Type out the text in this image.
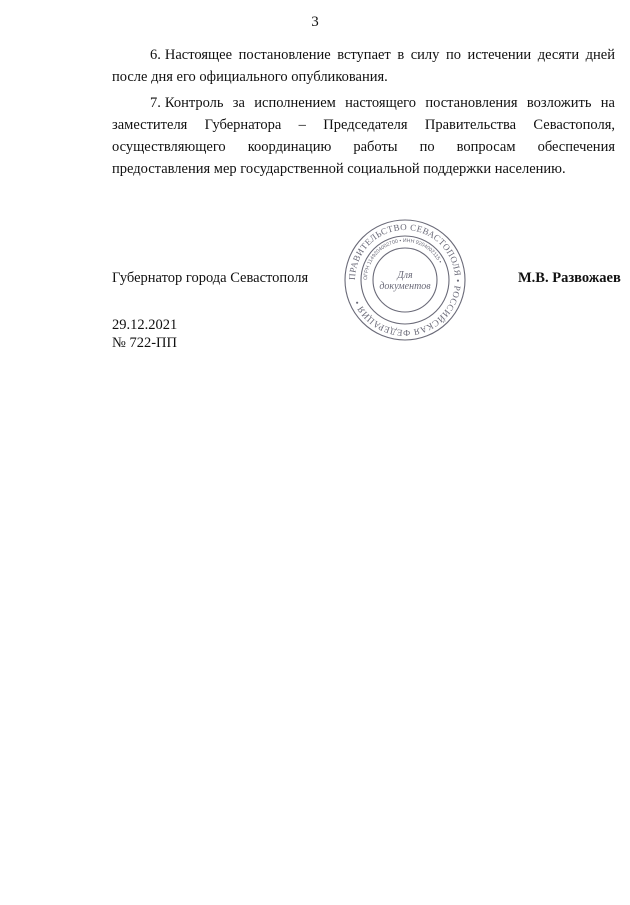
3

6. Настоящее постановление вступает в силу по истечении десяти дней после дня его официального опубликования.

7. Контроль за исполнением настоящего постановления возложить на заместителя Губернатора – Председателя Правительства Севастополя, осуществляющего координацию работы по вопросам обеспечения предоставления мер государственной социальной поддержки населению.

Губернатор города Севастополя	ПРАВИТЕЛЬСТВО СЕВАСТОПОЛЯ • РОССИЙСКАЯ ФЕДЕРАЦИЯ •
ОГРН 1149204002700 • ИНН 9204002115 •
Для
документов
М.В. Развожаев
29.12.2021
№ 722-ПП
